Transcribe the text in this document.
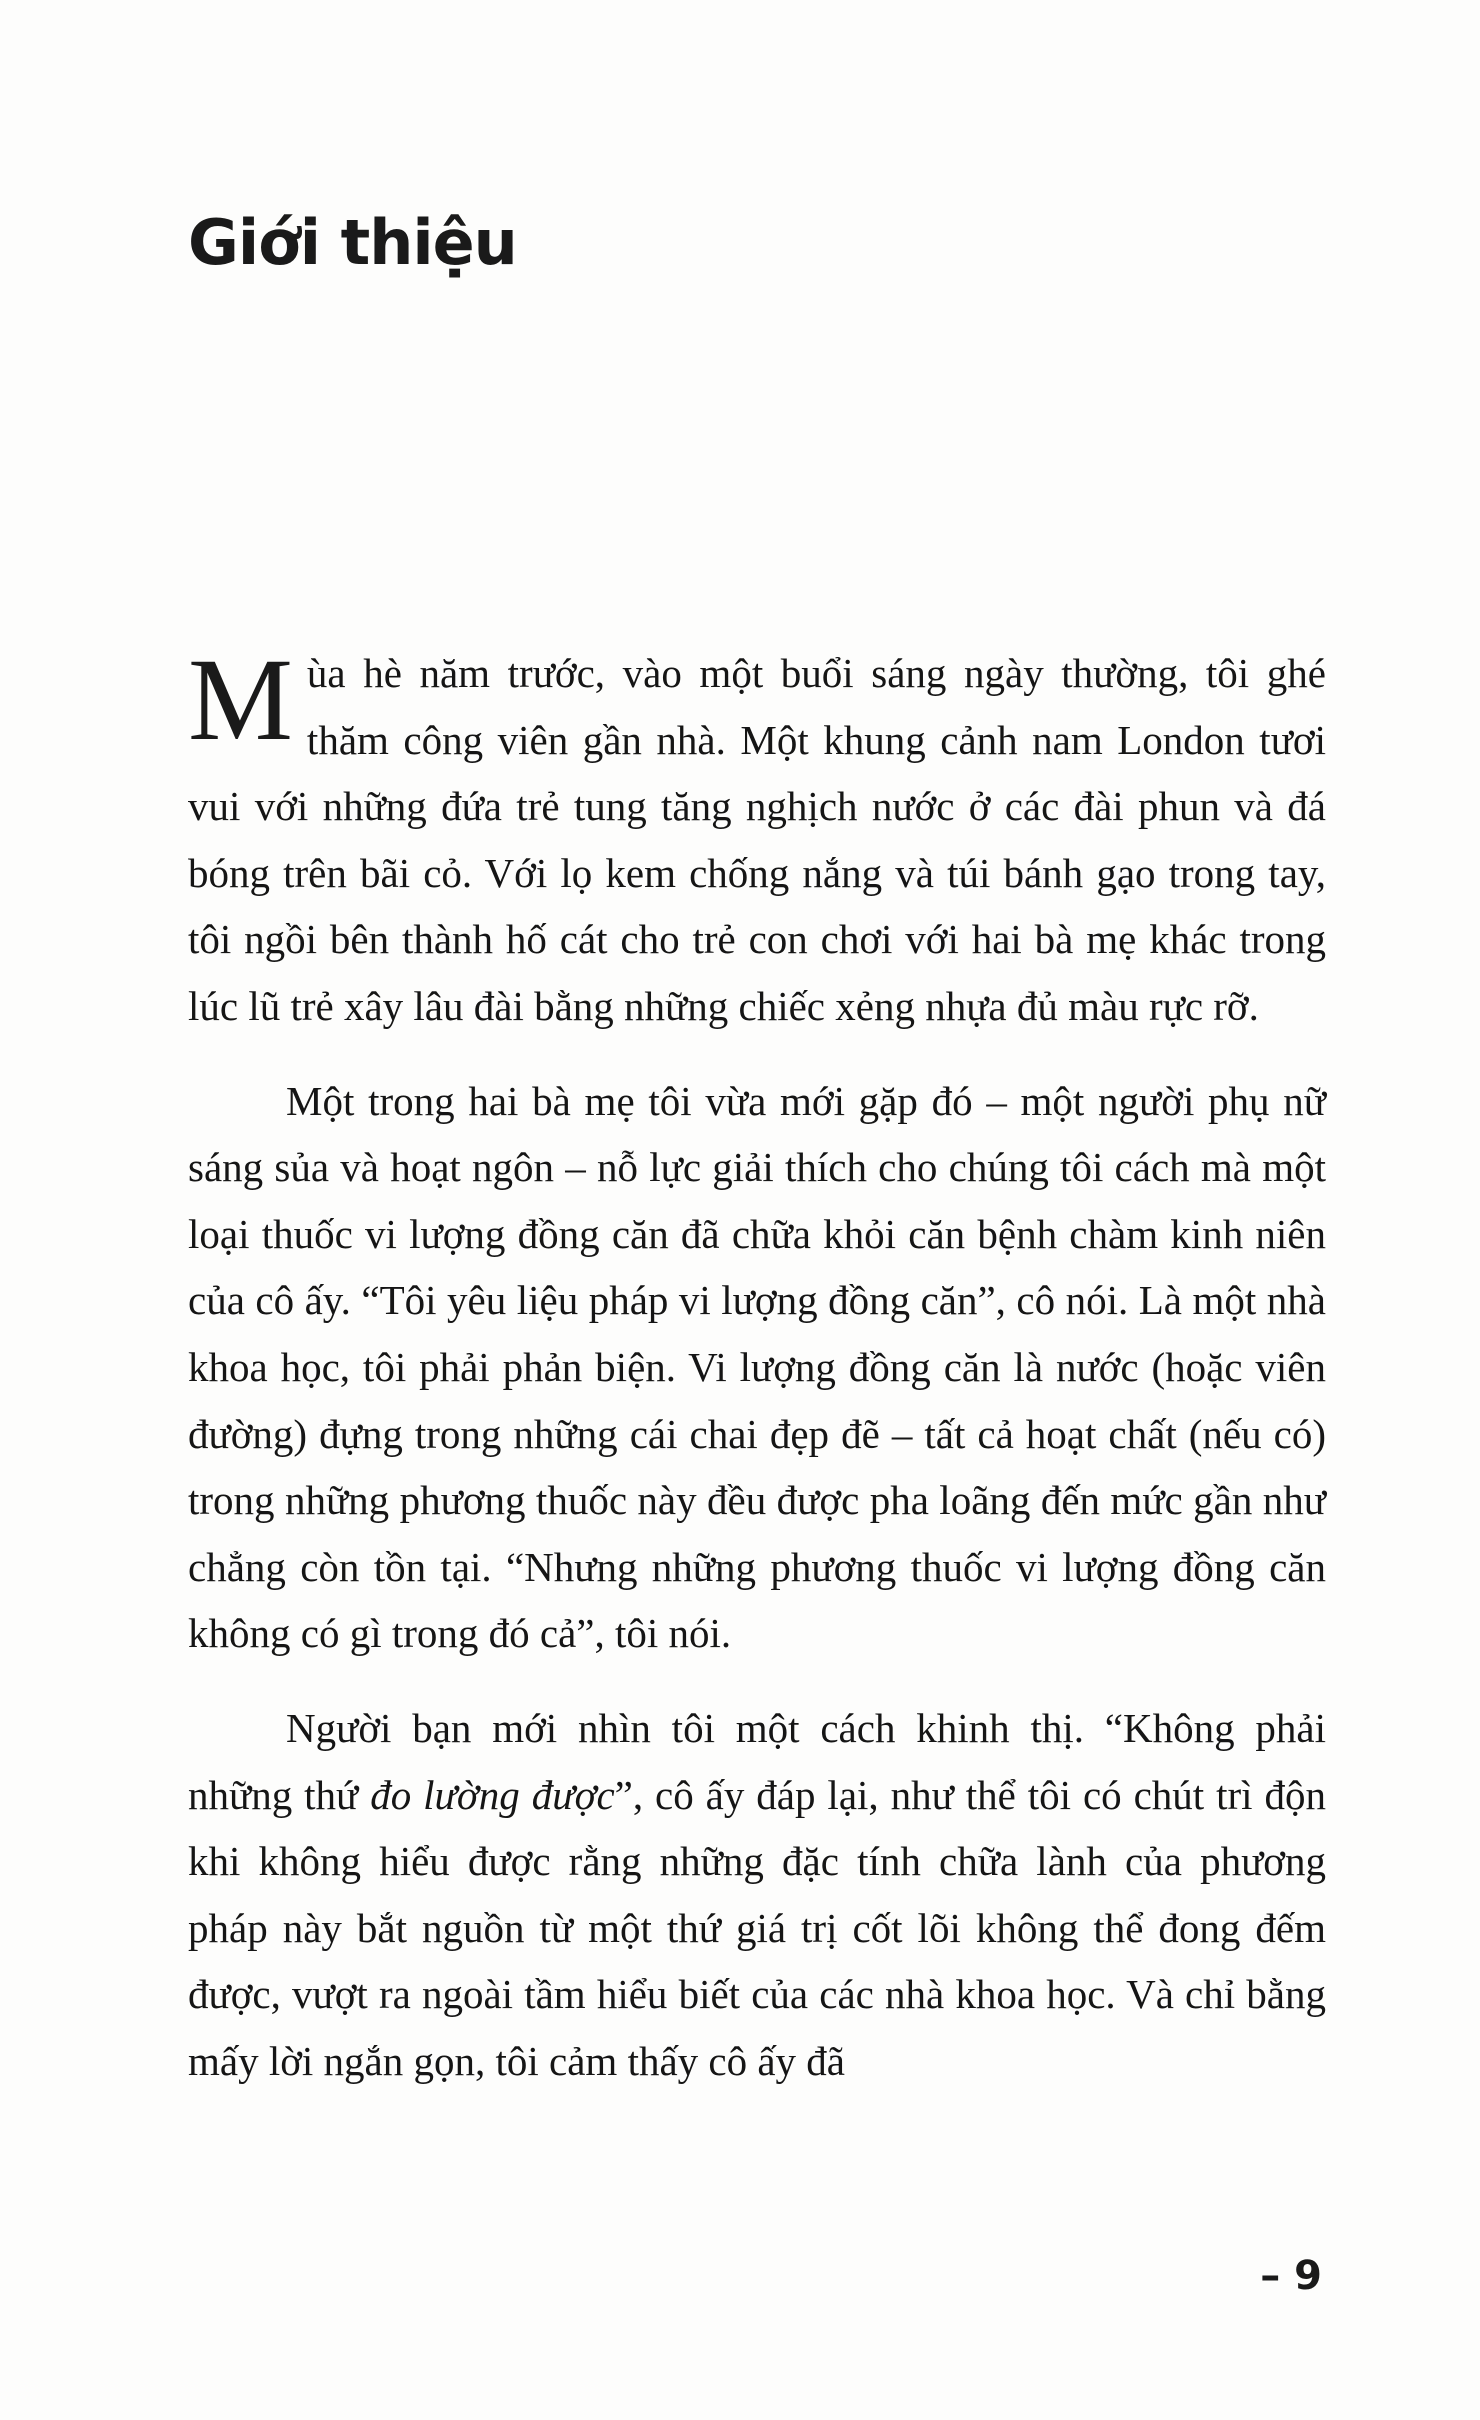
Giới thiệu

Mùa hè năm trước, vào một buổi sáng ngày thường, tôi ghé thăm công viên gần nhà. Một khung cảnh nam London tươi vui với những đứa trẻ tung tăng nghịch nước ở các đài phun và đá bóng trên bãi cỏ. Với lọ kem chống nắng và túi bánh gạo trong tay, tôi ngồi bên thành hố cát cho trẻ con chơi với hai bà mẹ khác trong lúc lũ trẻ xây lâu đài bằng những chiếc xẻng nhựa đủ màu rực rỡ.

Một trong hai bà mẹ tôi vừa mới gặp đó – một người phụ nữ sáng sủa và hoạt ngôn – nỗ lực giải thích cho chúng tôi cách mà một loại thuốc vi lượng đồng căn đã chữa khỏi căn bệnh chàm kinh niên của cô ấy. “Tôi yêu liệu pháp vi lượng đồng căn”, cô nói. Là một nhà khoa học, tôi phải phản biện. Vi lượng đồng căn là nước (hoặc viên đường) đựng trong những cái chai đẹp đẽ – tất cả hoạt chất (nếu có) trong những phương thuốc này đều được pha loãng đến mức gần như chẳng còn tồn tại. “Nhưng những phương thuốc vi lượng đồng căn không có gì trong đó cả”, tôi nói.

Người bạn mới nhìn tôi một cách khinh thị. “Không phải những thứ đo lường được”, cô ấy đáp lại, như thể tôi có chút trì độn khi không hiểu được rằng những đặc tính chữa lành của phương pháp này bắt nguồn từ một thứ giá trị cốt lõi không thể đong đếm được, vượt ra ngoài tầm hiểu biết của các nhà khoa học. Và chỉ bằng mấy lời ngắn gọn, tôi cảm thấy cô ấy đã

– 9
